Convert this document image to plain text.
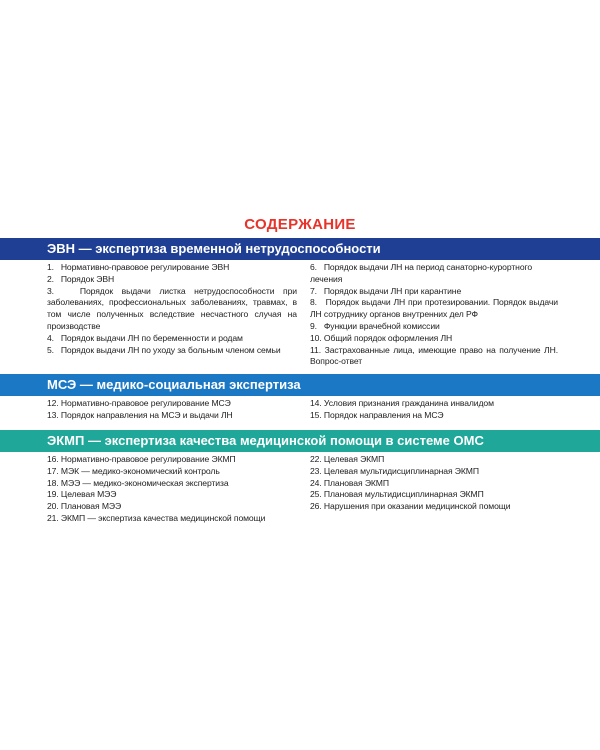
СОДЕРЖАНИЕ
ЭВН — экспертиза временной нетрудоспособности
1.   Нормативно-правовое регулирование ЭВН
2.   Порядок ЭВН
3.   Порядок выдачи листка нетрудоспособности при заболеваниях, профессиональных заболеваниях, травмах, в том числе полученных вследствие несчастного случая на производстве
4.   Порядок выдачи ЛН по беременности и родам
5.   Порядок выдачи ЛН по уходу за больным членом семьи
6.   Порядок выдачи ЛН на период санаторно-курортного лечения
7.   Порядок выдачи ЛН при карантине
8.   Порядок выдачи ЛН при протезировании. Порядок выдачи ЛН сотруднику органов внутренних дел РФ
9.   Функции врачебной комиссии
10. Общий порядок оформления ЛН
11. Застрахованные лица, имеющие право на получение ЛН. Вопрос-ответ
МСЭ — медико-социальная экспертиза
12. Нормативно-правовое регулирование МСЭ
13. Порядок направления на МСЭ и выдачи ЛН
14. Условия признания гражданина инвалидом
15. Порядок направления на МСЭ
ЭКМП — экспертиза качества медицинской помощи в системе ОМС
16. Нормативно-правовое регулирование ЭКМП
17. МЭК — медико-экономический контроль
18. МЭЭ — медико-экономическая экспертиза
19. Целевая МЭЭ
20. Плановая МЭЭ
21. ЭКМП — экспертиза качества медицинской помощи
22. Целевая ЭКМП
23. Целевая мультидисциплинарная ЭКМП
24. Плановая ЭКМП
25. Плановая мультидисциплинарная ЭКМП
26. Нарушения при оказании медицинской помощи
